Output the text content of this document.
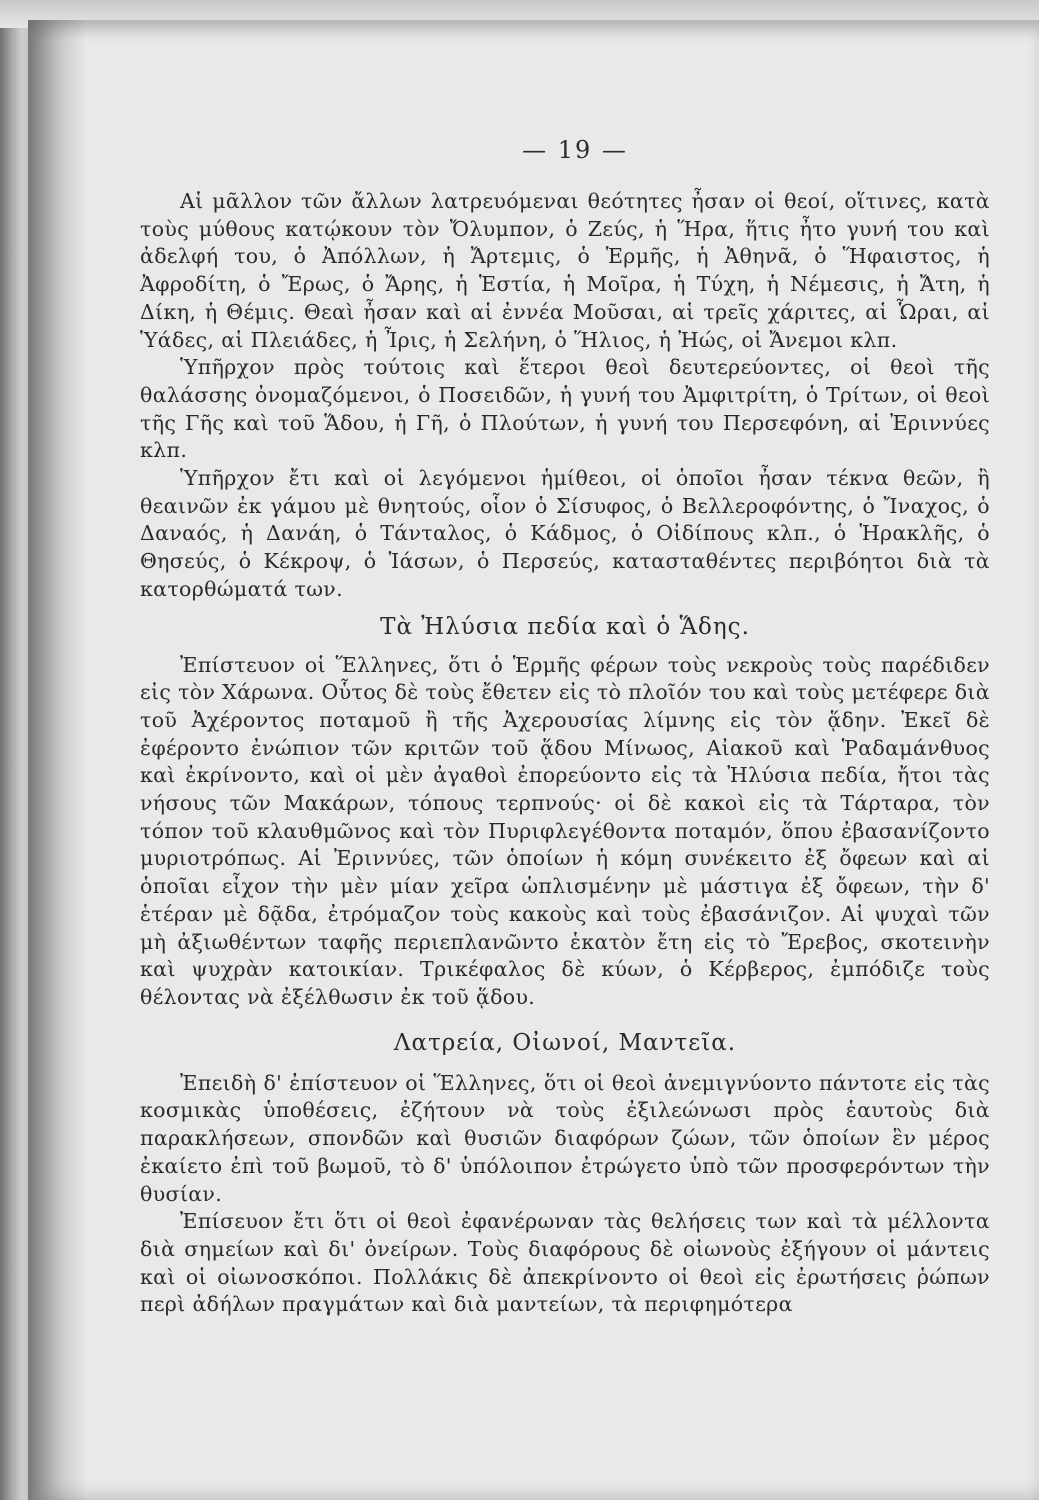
— 19 —

Αἱ μᾶλλον τῶν ἄλλων λατρευόμεναι θεότητες ἦσαν οἱ θεοί, οἵτινες, κατὰ τοὺς μύθους κατῴκουν τὸν Ὄλυμπον, ὁ Ζεύς, ἡ Ἥρα, ἥτις ἦτο γυνή του καὶ ἀδελφή του, ὁ Ἀπόλλων, ἡ Ἄρτεμις, ὁ Ἑρμῆς, ἡ Ἀθηνᾶ, ὁ Ἥφαιστος, ἡ Ἀφροδίτη, ὁ Ἔρως, ὁ Ἄρης, ἡ Ἑστία, ἡ Μοῖρα, ἡ Τύχη, ἡ Νέμεσις, ἡ Ἄτη, ἡ Δίκη, ἡ Θέμις. Θεαὶ ἦσαν καὶ αἱ ἐννέα Μοῦσαι, αἱ τρεῖς χάριτες, αἱ Ὧραι, αἱ Ὑάδες, αἱ Πλειάδες, ἡ Ἶρις, ἡ Σελήνη, ὁ Ἥλιος, ἡ Ἠώς, οἱ Ἄνεμοι κλπ.

Ὑπῆρχον πρὸς τούτοις καὶ ἕτεροι θεοὶ δευτερεύοντες, οἱ θεοὶ τῆς θαλάσσης ὀνομαζόμενοι, ὁ Ποσειδῶν, ἡ γυνή του Ἀμφιτρίτη, ὁ Τρίτων, οἱ θεοὶ τῆς Γῆς καὶ τοῦ Ἅδου, ἡ Γῆ, ὁ Πλούτων, ἡ γυνή του Περσεφόνη, αἱ Ἐριννύες κλπ.

Ὑπῆρχον ἔτι καὶ οἱ λεγόμενοι ἡμίθεοι, οἱ ὁποῖοι ἦσαν τέκνα θεῶν, ἢ θεαινῶν ἐκ γάμου μὲ θνητούς, οἷον ὁ Σίσυφος, ὁ Βελλεροφόντης, ὁ Ἴναχος, ὁ Δαναός, ἡ Δανάη, ὁ Τάνταλος, ὁ Κάδμος, ὁ Οἰδίπους κλπ., ὁ Ἡρακλῆς, ὁ Θησεύς, ὁ Κέκροψ, ὁ Ἰάσων, ὁ Περσεύς, κατασταθέντες περιβόητοι διὰ τὰ κατορθώματά των.

Τὰ Ἠλύσια πεδία καὶ ὁ Ἅδης.

Ἐπίστευον οἱ Ἕλληνες, ὅτι ὁ Ἑρμῆς φέρων τοὺς νεκροὺς τοὺς παρέδιδεν εἰς τὸν Χάρωνα. Οὗτος δὲ τοὺς ἔθετεν εἰς τὸ πλοῖόν του καὶ τοὺς μετέφερε διὰ τοῦ Ἀχέροντος ποταμοῦ ἢ τῆς Ἀχερουσίας λίμνης εἰς τὸν ᾅδην. Ἐκεῖ δὲ ἐφέροντο ἐνώπιον τῶν κριτῶν τοῦ ᾅδου Μίνωος, Αἰακοῦ καὶ Ῥαδαμάνθυος καὶ ἐκρίνοντο, καὶ οἱ μὲν ἀγαθοὶ ἐπορεύοντο εἰς τὰ Ἠλύσια πεδία, ἤτοι τὰς νήσους τῶν Μακάρων, τόπους τερπνούς· οἱ δὲ κακοὶ εἰς τὰ Τάρταρα, τὸν τόπον τοῦ κλαυθμῶνος καὶ τὸν Πυριφλεγέθοντα ποταμόν, ὅπου ἐβασανίζοντο μυριοτρόπως. Αἱ Ἐριννύες, τῶν ὁποίων ἡ κόμη συνέκειτο ἐξ ὄφεων καὶ αἱ ὁποῖαι εἶχον τὴν μὲν μίαν χεῖρα ὡπλισμένην μὲ μάστιγα ἐξ ὄφεων, τὴν δ' ἑτέραν μὲ δᾷδα, ἐτρόμαζον τοὺς κακοὺς καὶ τοὺς ἐβασάνιζον. Αἱ ψυχαὶ τῶν μὴ ἀξιωθέντων ταφῆς περιεπλανῶντο ἑκατὸν ἔτη εἰς τὸ Ἔρεβος, σκοτεινὴν καὶ ψυχρὰν κατοικίαν. Τρικέφαλος δὲ κύων, ὁ Κέρβερος, ἐμπόδιζε τοὺς θέλοντας νὰ ἐξέλθωσιν ἐκ τοῦ ᾅδου.

Λατρεία, Οἰωνοί, Μαντεῖα.

Ἐπειδὴ δ' ἐπίστευον οἱ Ἕλληνες, ὅτι οἱ θεοὶ ἀνεμιγνύοντο πάντοτε εἰς τὰς κοσμικὰς ὑποθέσεις, ἐζήτουν νὰ τοὺς ἐξιλεώνωσι πρὸς ἑαυτοὺς διὰ παρακλήσεων, σπονδῶν καὶ θυσιῶν διαφόρων ζώων, τῶν ὁποίων ἓν μέρος ἐκαίετο ἐπὶ τοῦ βωμοῦ, τὸ δ' ὑπόλοιπον ἐτρώγετο ὑπὸ τῶν προσφερόντων τὴν θυσίαν.

Ἐπίσευον ἔτι ὅτι οἱ θεοὶ ἐφανέρωναν τὰς θελήσεις των καὶ τὰ μέλλοντα διὰ σημείων καὶ δι' ὀνείρων. Τοὺς διαφόρους δὲ οἰωνοὺς ἐξήγουν οἱ μάντεις καὶ οἱ οἰωνοσκόποι. Πολλάκις δὲ ἀπεκρίνοντο οἱ θεοὶ εἰς ἐρωτήσεις ῥώπων περὶ ἀδήλων πραγμάτων καὶ διὰ μαντείων, τὰ περιφημότερα
